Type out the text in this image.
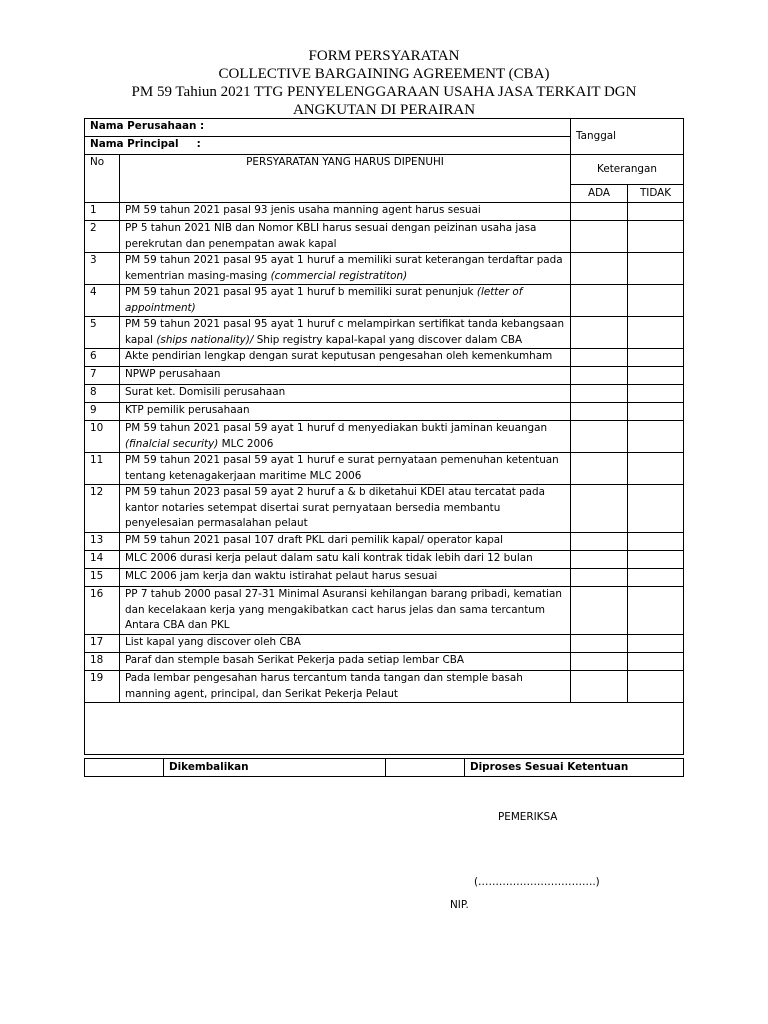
FORM PERSYARATAN
COLLECTIVE BARGAINING AGREEMENT (CBA)
PM 59 Tahiun 2021 TTG PENYELENGGARAAN USAHA JASA TERKAIT DGN
ANGKUTAN DI PERAIRAN
Nama Perusahaan :		Tanggal	
Nama Principal     :			
No	PERSYARATAN YANG HARUS DIPENUHI	Keterangan	
		ADA	TIDAK
1	PM 59 tahun 2021 pasal 93 jenis usaha manning agent harus sesuai		
2	PP 5 tahun 2021 NIB dan Nomor KBLI harus sesuai dengan peizinan usaha jasa perekrutan dan penempatan awak kapal		
3	PM 59 tahun 2021 pasal 95 ayat 1 huruf a memiliki surat keterangan terdaftar pada kementrian masing-masing (commercial registratiton)		
4	PM 59 tahun 2021 pasal 95 ayat 1 huruf b memiliki surat penunjuk (letter of appointment)		
5	PM 59 tahun 2021 pasal 95 ayat 1 huruf c melampirkan sertifikat tanda kebangsaan kapal (ships nationality)/ Ship registry kapal-kapal yang discover dalam CBA		
6	Akte pendirian lengkap dengan surat keputusan pengesahan oleh kemenkumham		
7	NPWP perusahaan		
8	Surat ket. Domisili perusahaan		
9	KTP pemilik perusahaan		
10	PM 59 tahun 2021 pasal 59 ayat 1 huruf d menyediakan bukti jaminan keuangan (finalcial security) MLC 2006		
11	PM 59 tahun 2021 pasal 59 ayat 1 huruf e surat pernyataan pemenuhan ketentuan tentang ketenagakerjaan maritime MLC 2006		
12	PM 59 tahun 2023 pasal 59 ayat 2 huruf a & b diketahui KDEI atau tercatat pada kantor notaries setempat disertai surat pernyataan bersedia membantu penyelesaian permasalahan pelaut		
13	PM 59 tahun 2021 pasal 107 draft PKL dari pemilik kapal/ operator kapal		
14	MLC 2006 durasi kerja pelaut dalam satu kali kontrak tidak lebih dari 12 bulan		
15	MLC 2006 jam kerja dan waktu istirahat pelaut harus sesuai		
16	PP 7 tahub 2000 pasal 27-31 Minimal Asuransi kehilangan barang pribadi, kematian dan kecelakaan kerja yang mengakibatkan cact harus jelas dan sama tercantum Antara CBA dan PKL		
17	List kapal yang discover oleh CBA		
18	Paraf dan stemple basah Serikat Pekerja pada setiap lembar CBA		
19	Pada lembar pengesahan harus tercantum tanda tangan dan stemple basah manning agent, principal, dan Serikat Pekerja Pelaut		

	Dikembalikan		Diproses Sesuai Ketentuan
PEMERIKSA
(…………………………….)
NIP.
